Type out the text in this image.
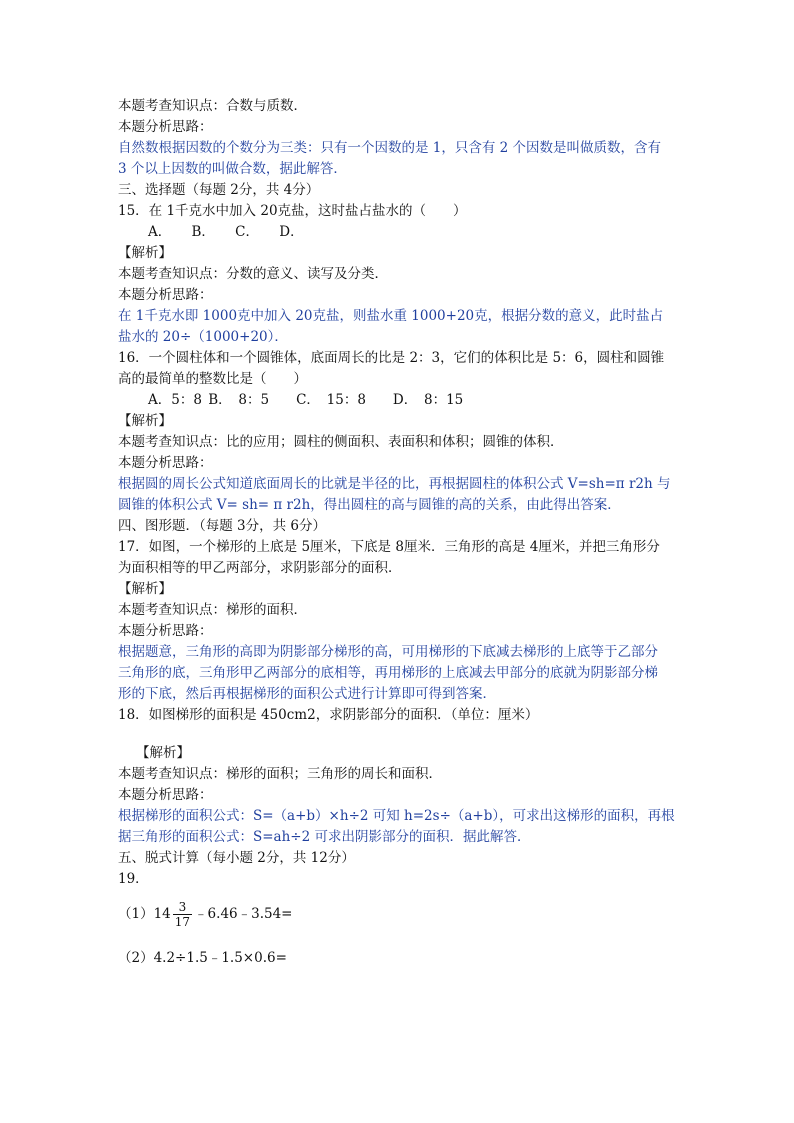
本题考查知识点：合数与质数．
本题分析思路：
自然数根据因数的个数分为三类：只有一个因数的是 1，只含有 2 个因数是叫做质数，含有
3 个以上因数的叫做合数，据此解答．
三、选择题（每题 2分，共 4分）
15．在 1千克水中加入 20克盐，这时盐占盐水的（　　）
A．　　B．　　C．　　D．
【解析】
本题考查知识点：分数的意义、读写及分类．
本题分析思路：
在 1千克水即 1000克中加入 20克盐，则盐水重 1000+20克，根据分数的意义，此时盐占
盐水的 20÷（1000+20）．
16．一个圆柱体和一个圆锥体，底面周长的比是 2：3，它们的体积比是 5：6，圆柱和圆锥
高的最简单的整数比是（　　）
A．5：8 B．　8：5　　C．　15：8　　D．　8：15
【解析】
本题考查知识点：比的应用；圆柱的侧面积、表面积和体积；圆锥的体积．
本题分析思路：
根据圆的周长公式知道底面周长的比就是半径的比，再根据圆柱的体积公式 V=sh=π r2h 与
圆锥的体积公式 V= sh= π r2h，得出圆柱的高与圆锥的高的关系，由此得出答案．
四、图形题．（每题 3分，共 6分）
17．如图，一个梯形的上底是 5厘米，下底是 8厘米．三角形的高是 4厘米，并把三角形分
为面积相等的甲乙两部分，求阴影部分的面积．
【解析】
本题考查知识点：梯形的面积．
本题分析思路：
根据题意，三角形的高即为阴影部分梯形的高，可用梯形的下底减去梯形的上底等于乙部分
三角形的底，三角形甲乙两部分的底相等，再用梯形的上底减去甲部分的底就为阴影部分梯
形的下底，然后再根据梯形的面积公式进行计算即可得到答案．
18．如图梯形的面积是 450cm2，求阴影部分的面积．（单位：厘米）
【解析】
本题考查知识点：梯形的面积；三角形的周长和面积．
本题分析思路：
根据梯形的面积公式：S=（a+b）×h÷2 可知 h=2s÷（a+b），可求出这梯形的面积，再根
据三角形的面积公式：S=ah÷2 可求出阴影部分的面积．据此解答．
五、脱式计算（每小题 2分，共 12分）
19．
$(1)14 \frac{3}{17}$ ﹣6.46﹣3.54=
（2）4.2÷1.5﹣1.5×0.6=
